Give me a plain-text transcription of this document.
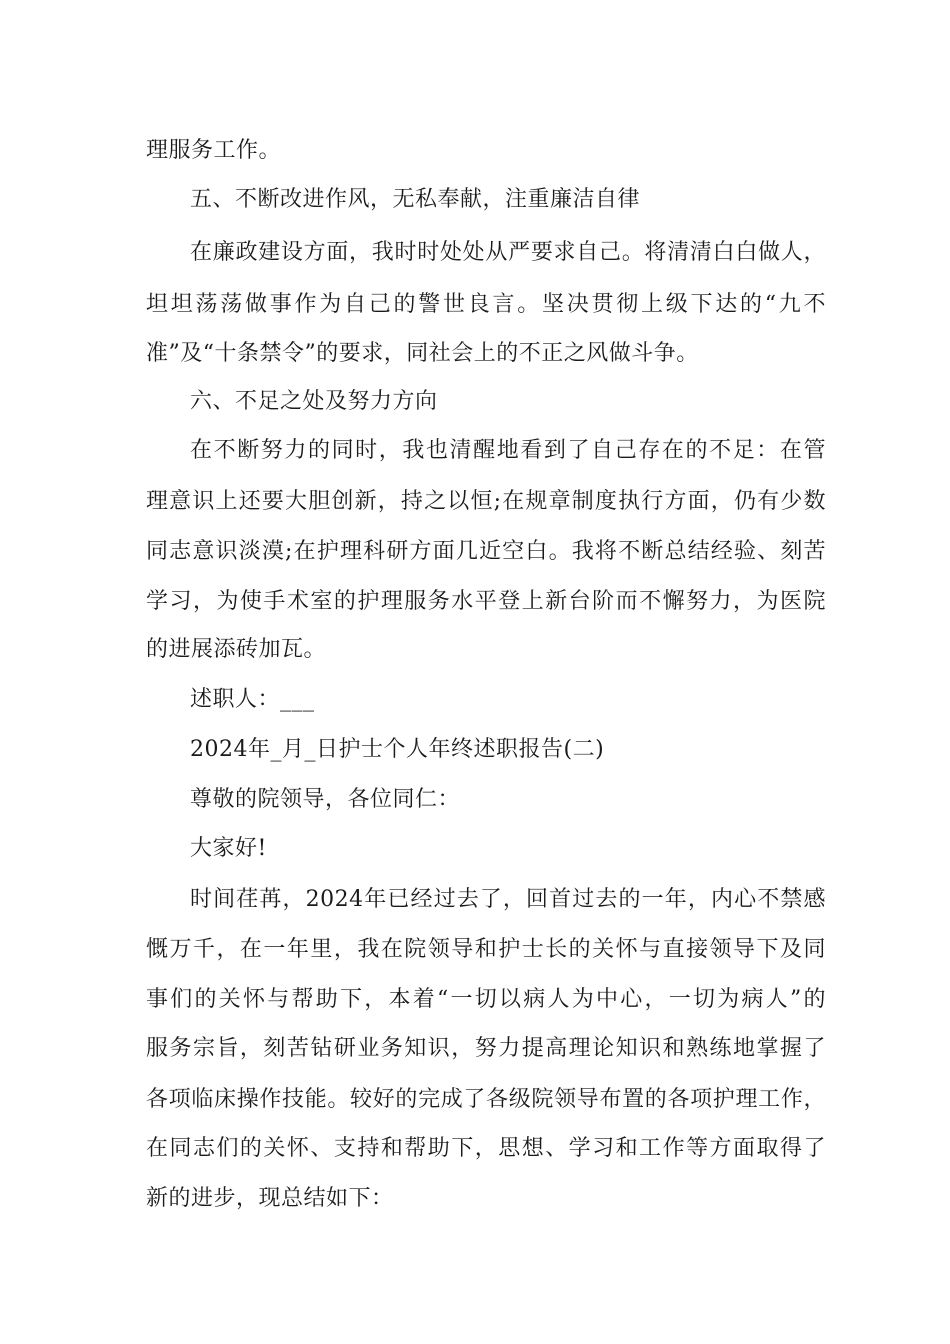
理服务工作。
五、不断改进作风，无私奉献，注重廉洁自律
在廉政建设方面，我时时处处从严要求自己。将清清白白做人，
坦坦荡荡做事作为自己的警世良言。坚决贯彻上级下达的“九不
准”及“十条禁令”的要求，同社会上的不正之风做斗争。
六、不足之处及努力方向
在不断努力的同时，我也清醒地看到了自己存在的不足：在管
理意识上还要大胆创新，持之以恒;在规章制度执行方面，仍有少数
同志意识淡漠;在护理科研方面几近空白。我将不断总结经验、刻苦
学习，为使手术室的护理服务水平登上新台阶而不懈努力，为医院
的进展添砖加瓦。
述职人：___
2024年_月_日护士个人年终述职报告(二)
尊敬的院领导，各位同仁：
大家好!
时间荏苒，2024年已经过去了，回首过去的一年，内心不禁感
慨万千，在一年里，我在院领导和护士长的关怀与直接领导下及同
事们的关怀与帮助下，本着“一切以病人为中心，一切为病人”的
服务宗旨，刻苦钻研业务知识，努力提高理论知识和熟练地掌握了
各项临床操作技能。较好的完成了各级院领导布置的各项护理工作，
在同志们的关怀、支持和帮助下，思想、学习和工作等方面取得了
新的进步，现总结如下：
